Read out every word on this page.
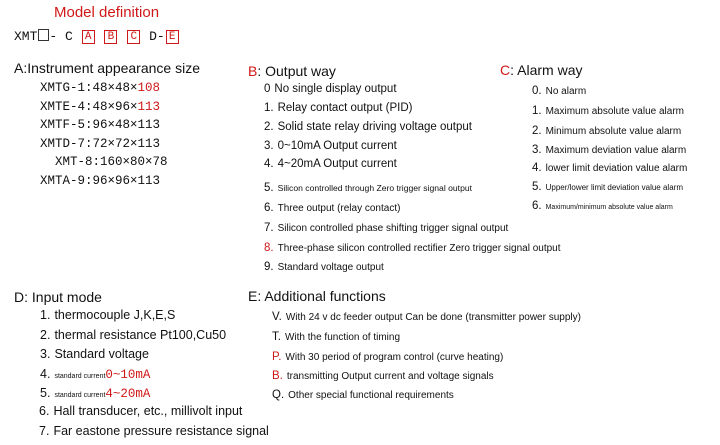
Model definition
XMT - C A B C D- E
A:Instrument appearance size
XMTG-1:48×48×108
XMTE-4:48×96×113
XMTF-5:96×48×113
XMTD-7:72×72×113
XMT-8:160×80×78
XMTA-9:96×96×113
B: Output way
0 No single display output
1. Relay contact output (PID)
2. Solid state relay driving voltage output
3. 0~10mA Output current
4. 4~20mA Output current
5. Silicon controlled through Zero trigger signal output
6. Three output (relay contact)
7. Silicon controlled phase shifting trigger signal output
8. Three-phase silicon controlled rectifier Zero trigger signal output
9. Standard voltage output
C: Alarm way
0. No alarm
1. Maximum absolute value alarm
2. Minimum absolute value alarm
3. Maximum deviation value alarm
4. lower limit deviation value alarm
5. Upper/lower limit deviation value alarm
6. Maximum/minimum absolute value alarm
D: Input mode
1. thermocouple J,K,E,S
2. thermal resistance Pt100,Cu50
3. Standard voltage
4. standard current0~10mA
5. standard current4~20mA
6. Hall transducer, etc., millivolt input
7. Far eastone pressure resistance signal
E: Additional functions
V. With 24 v dc feeder output Can be done (transmitter power supply)
T. With the function of timing
P. With 30 period of program control (curve heating)
B. transmitting Output current and voltage signals
Q. Other special functional requirements
